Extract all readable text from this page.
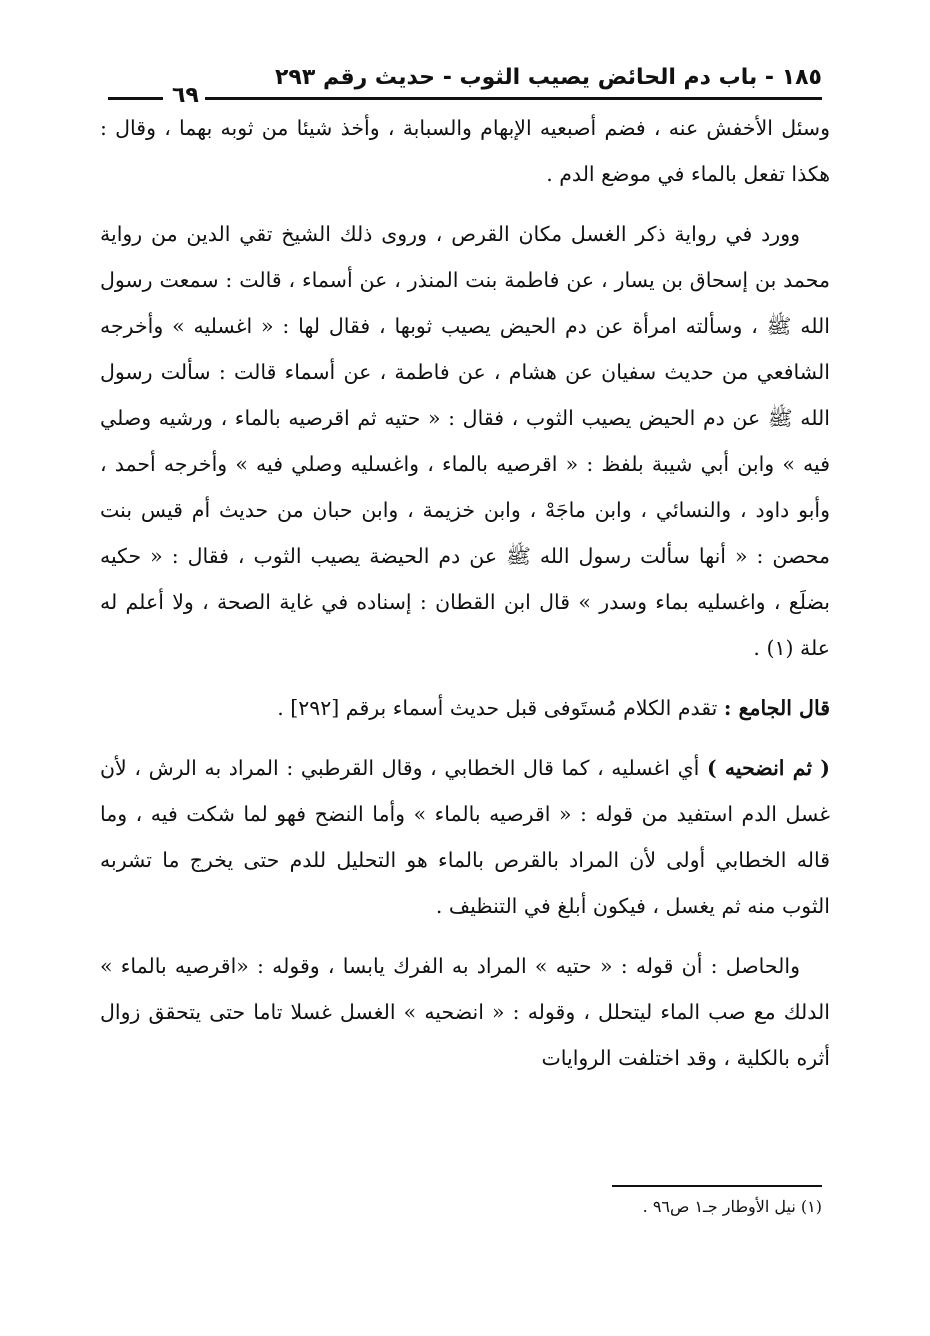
١٨٥ - باب دم الحائض يصيب الثوب - حديث رقم ٢٩٣
٦٩

وسئل الأخفش عنه ، فضم أصبعيه الإبهام والسبابة ، وأخذ شيئا من ثوبه بهما ، وقال : هكذا تفعل بالماء في موضع الدم .

وورد في رواية ذكر الغسل مكان القرص ، وروى ذلك الشيخ تقي الدين من رواية محمد بن إسحاق بن يسار ، عن فاطمة بنت المنذر ، عن أسماء ، قالت : سمعت رسول الله ﷺ ، وسألته امرأة عن دم الحيض يصيب ثوبها ، فقال لها : « اغسليه » وأخرجه الشافعي من حديث سفيان عن هشام ، عن فاطمة ، عن أسماء قالت : سألت رسول الله ﷺ عن دم الحيض يصيب الثوب ، فقال : « حتيه ثم اقرصيه بالماء ، ورشيه وصلي فيه » وابن أبي شيبة بلفظ : « اقرصيه بالماء ، واغسليه وصلي فيه » وأخرجه أحمد ، وأبو داود ، والنسائي ، وابن ماجَهْ ، وابن خزيمة ، وابن حبان من حديث أم قيس بنت محصن : « أنها سألت رسول الله ﷺ عن دم الحيضة يصيب الثوب ، فقال : « حكيه بضلَع ، واغسليه بماء وسدر » قال ابن القطان : إسناده في غاية الصحة ، ولا أعلم له علة (١) .

قال الجامع : تقدم الكلام مُستَوفى قبل حديث أسماء برقم [٢٩٢] .

( ثم انضحيه ) أي اغسليه ، كما قال الخطابي ، وقال القرطبي : المراد به الرش ، لأن غسل الدم استفيد من قوله : « اقرصيه بالماء » وأما النضح فهو لما شكت فيه ، وما قاله الخطابي أولى لأن المراد بالقرص بالماء هو التحليل للدم حتى يخرج ما تشربه الثوب منه ثم يغسل ، فيكون أبلغ في التنظيف .

والحاصل : أن قوله : « حتيه » المراد به الفرك يابسا ، وقوله : «اقرصيه بالماء » الدلك مع صب الماء ليتحلل ، وقوله : « انضحيه » الغسل غسلا تاما حتى يتحقق زوال أثره بالكلية ، وقد اختلفت الروايات

(١) نيل الأوطار جـ١ ص٩٦ .
